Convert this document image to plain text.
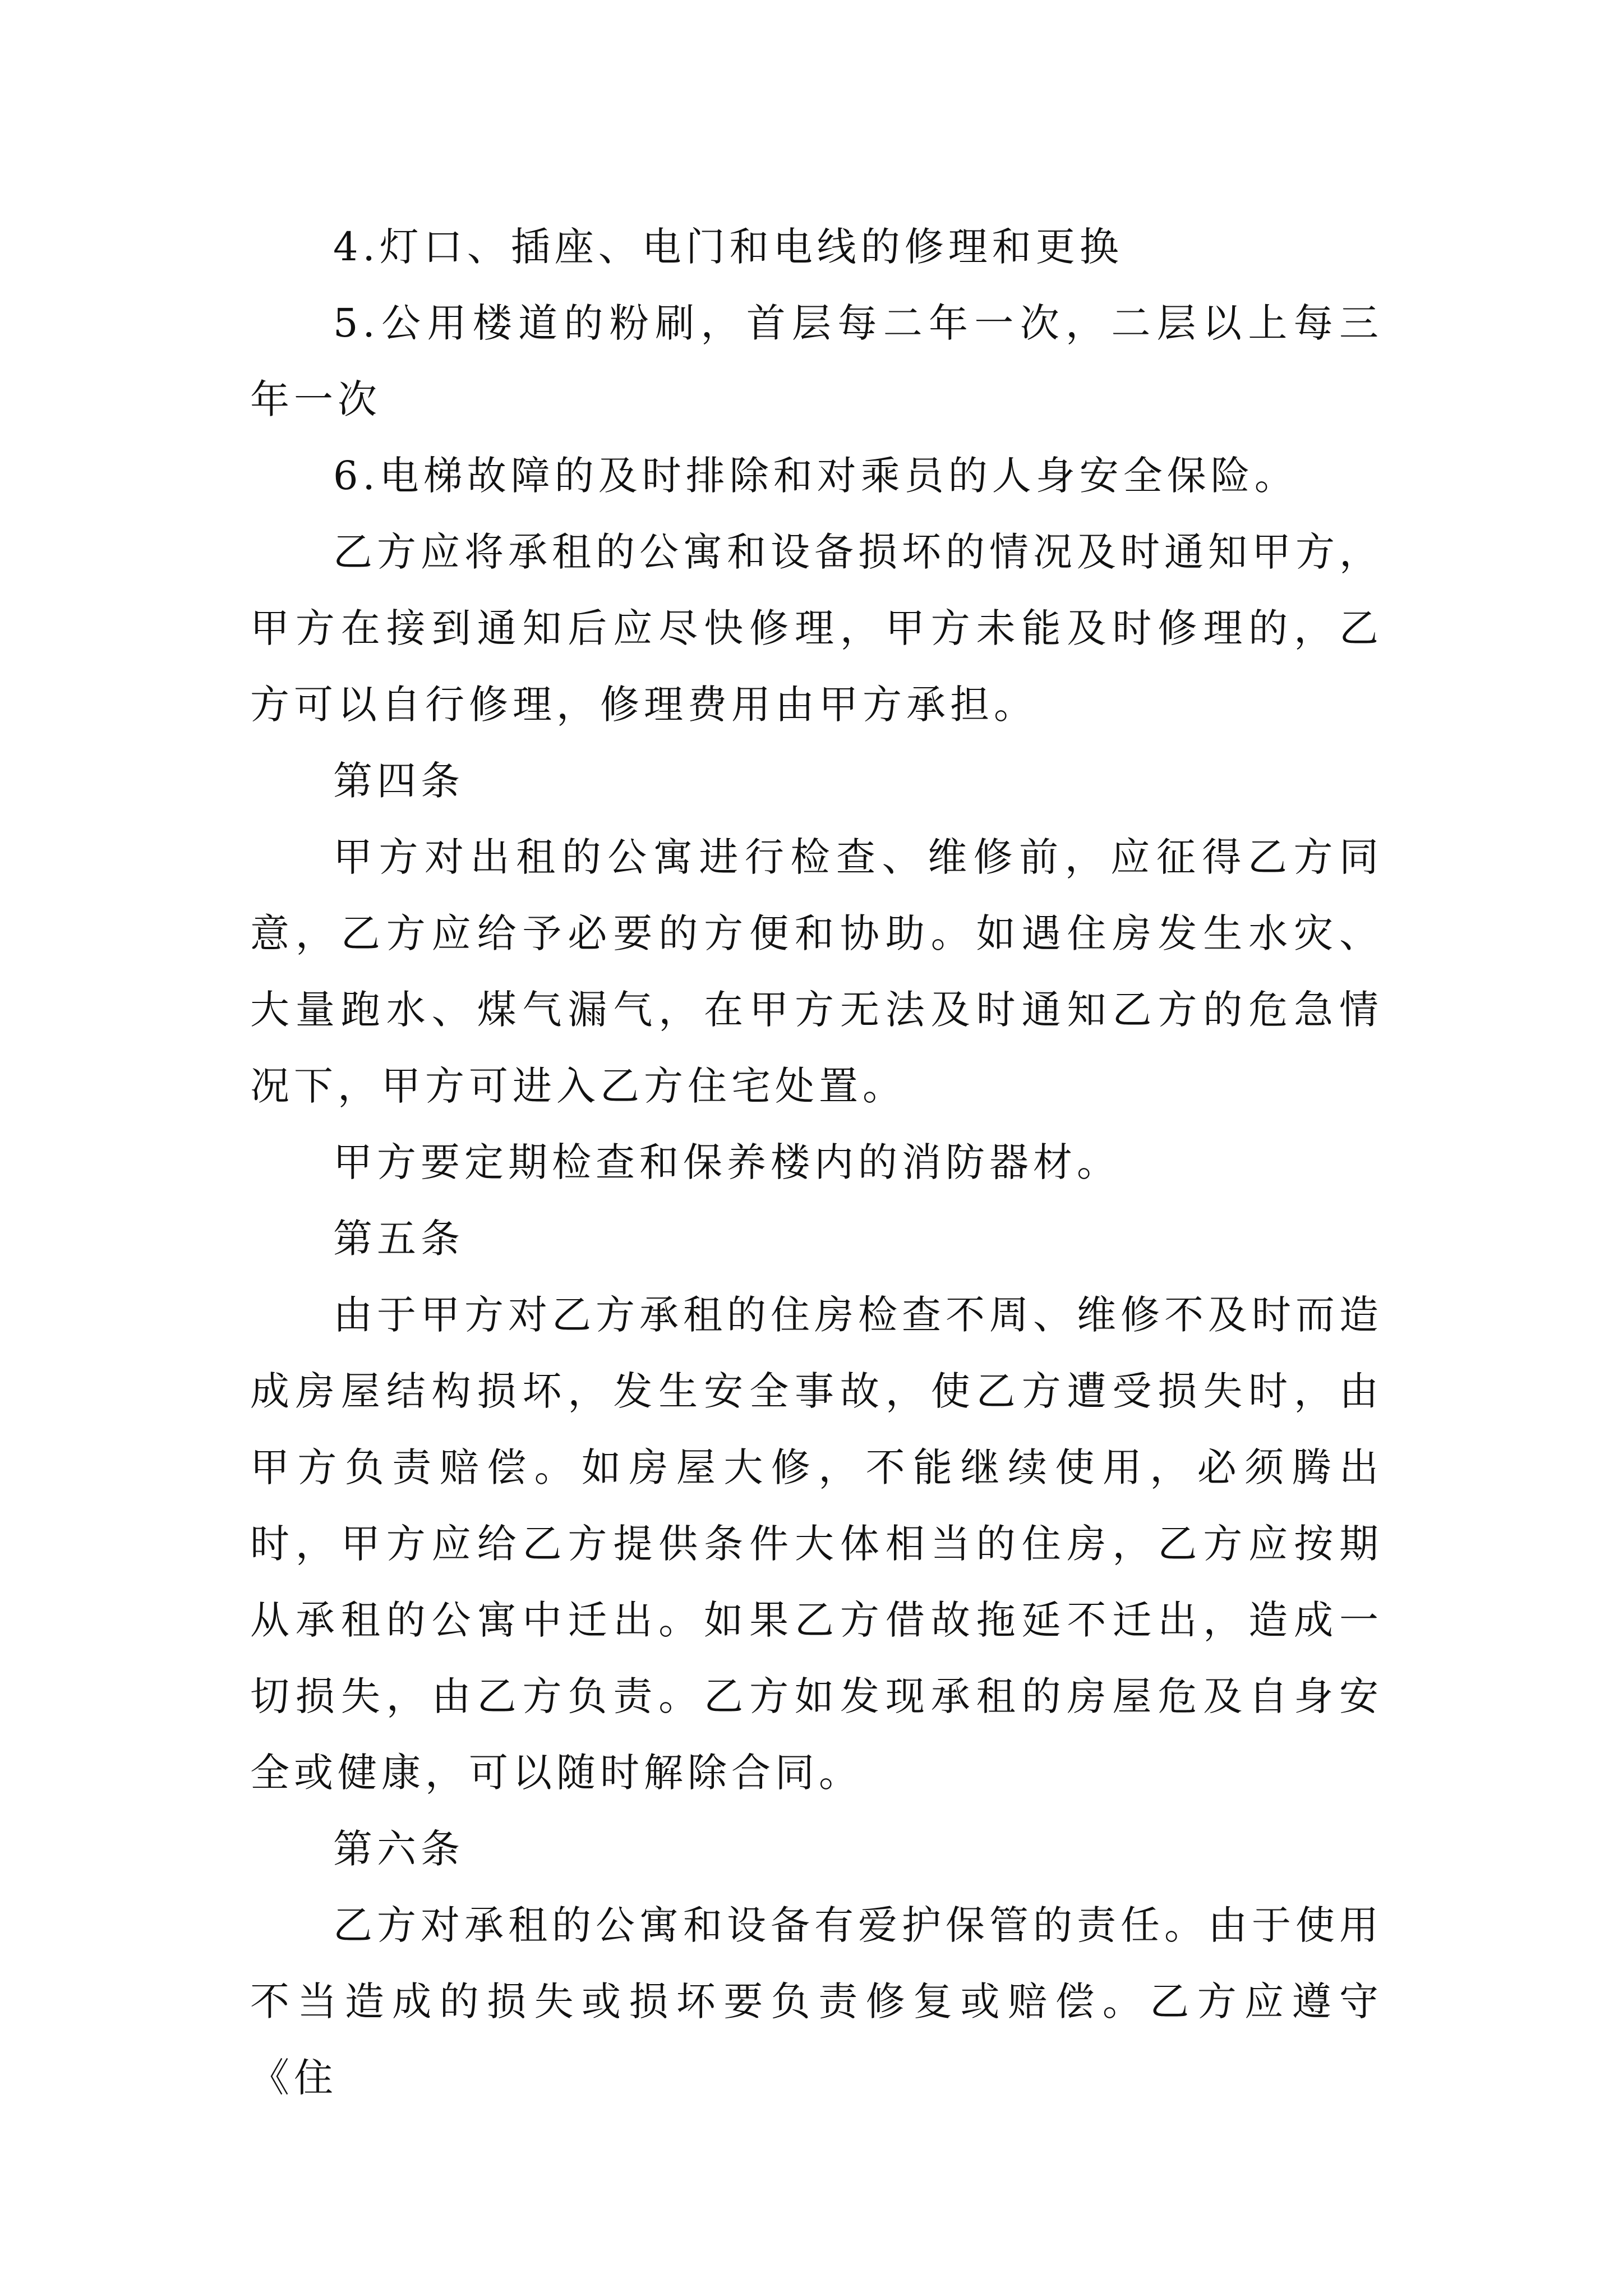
4.灯口、插座、电门和电线的修理和更换

5.公用楼道的粉刷，首层每二年一次，二层以上每三年一次

6.电梯故障的及时排除和对乘员的人身安全保险。

乙方应将承租的公寓和设备损坏的情况及时通知甲方，甲方在接到通知后应尽快修理，甲方未能及时修理的，乙方可以自行修理，修理费用由甲方承担。

第四条

甲方对出租的公寓进行检查、维修前，应征得乙方同意，乙方应给予必要的方便和协助。如遇住房发生水灾、大量跑水、煤气漏气，在甲方无法及时通知乙方的危急情况下，甲方可进入乙方住宅处置。

甲方要定期检查和保养楼内的消防器材。

第五条

由于甲方对乙方承租的住房检查不周、维修不及时而造成房屋结构损坏，发生安全事故，使乙方遭受损失时，由甲方负责赔偿。如房屋大修，不能继续使用，必须腾出时，甲方应给乙方提供条件大体相当的住房，乙方应按期从承租的公寓中迁出。如果乙方借故拖延不迁出，造成一切损失，由乙方负责。乙方如发现承租的房屋危及自身安全或健康，可以随时解除合同。

第六条

乙方对承租的公寓和设备有爱护保管的责任。由于使用不当造成的损失或损坏要负责修复或赔偿。乙方应遵守《住
